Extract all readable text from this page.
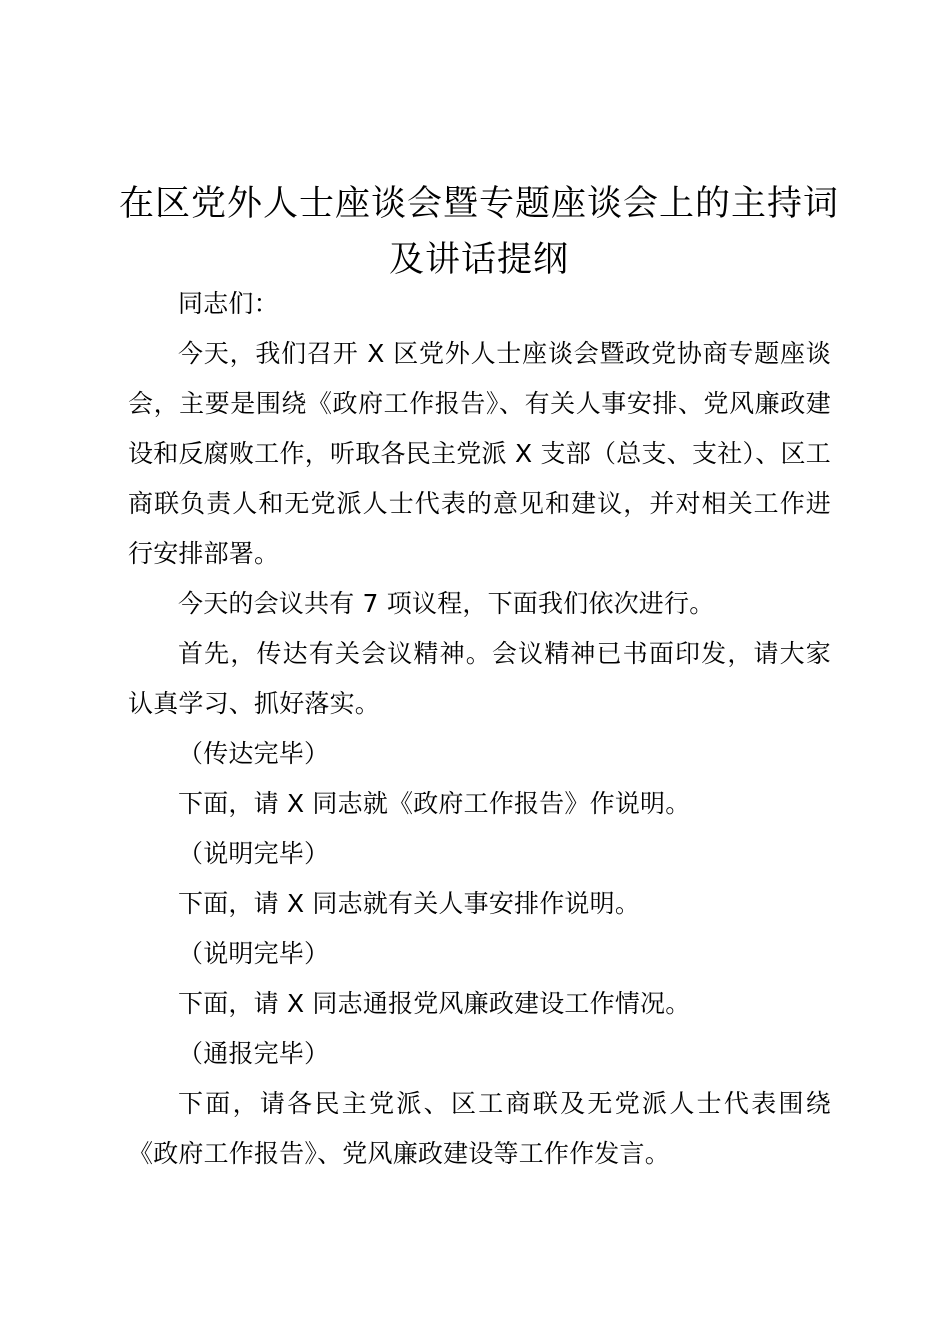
在区党外人士座谈会暨专题座谈会上的主持词
及讲话提纲

同志们：

今天，我们召开 X 区党外人士座谈会暨政党协商专题座谈会，主要是围绕《政府工作报告》、有关人事安排、党风廉政建设和反腐败工作，听取各民主党派 X 支部（总支、支社）、区工商联负责人和无党派人士代表的意见和建议，并对相关工作进行安排部署。

今天的会议共有 7 项议程，下面我们依次进行。

首先，传达有关会议精神。会议精神已书面印发，请大家认真学习、抓好落实。

（传达完毕）

下面，请 X 同志就《政府工作报告》作说明。

（说明完毕）

下面，请 X 同志就有关人事安排作说明。

（说明完毕）

下面，请 X 同志通报党风廉政建设工作情况。

（通报完毕）

下面，请各民主党派、区工商联及无党派人士代表围绕《政府工作报告》、党风廉政建设等工作作发言。
